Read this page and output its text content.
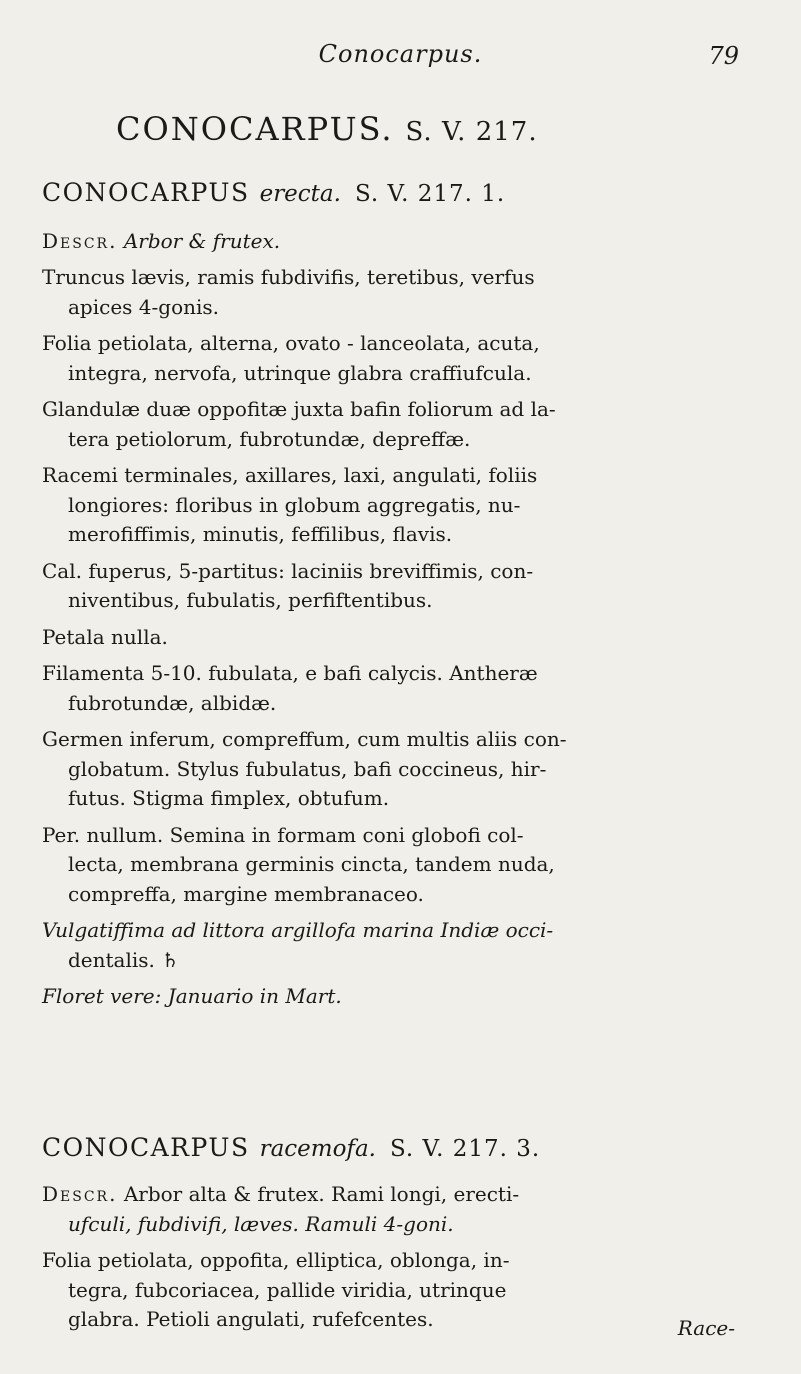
Conocarpus.	79
CONOCARPUS. S. V. 217.
CONOCARPUS erecta. S. V. 217. 1.
Descr. Arbor & frutex.
Truncus lævis, ramis fubdivifis, teretibus, verfus
apices 4-gonis.
Folia petiolata, alterna, ovato - lanceolata, acuta,
integra, nervofa, utrinque glabra craffiufcula.
Glandulæ duæ oppofitæ juxta bafin foliorum ad la-
tera petiolorum, fubrotundæ, depreffæ.
Racemi terminales, axillares, laxi, angulati, foliis
longiores: floribus in globum aggregatis, nu-
merofiffimis, minutis, feffilibus, flavis.
Cal. fuperus, 5-partitus: laciniis breviffimis, con-
niventibus, fubulatis, perfiftentibus.
Petala nulla.
Filamenta 5-10. fubulata, e bafi calycis. Antheræ
fubrotundæ, albidæ.
Germen inferum, compreffum, cum multis aliis con-
globatum. Stylus fubulatus, bafi coccineus, hir-
futus. Stigma fimplex, obtufum.
Per. nullum. Semina in formam coni globofi col-
lecta, membrana germinis cincta, tandem nuda,
compreffa, margine membranaceo.
Vulgatiffima ad littora argillofa marina Indiæ occi-
dentalis. ♄
Floret vere: Januario in Mart.
CONOCARPUS racemofa. S. V. 217. 3.
Descr. Arbor alta & frutex. Rami longi, erecti-
ufculi, fubdivifi, læves. Ramuli 4-goni.
Folia petiolata, oppofita, elliptica, oblonga, in-
tegra, fubcoriacea, pallide viridia, utrinque
glabra. Petioli angulati, rufefcentes.	Race-
